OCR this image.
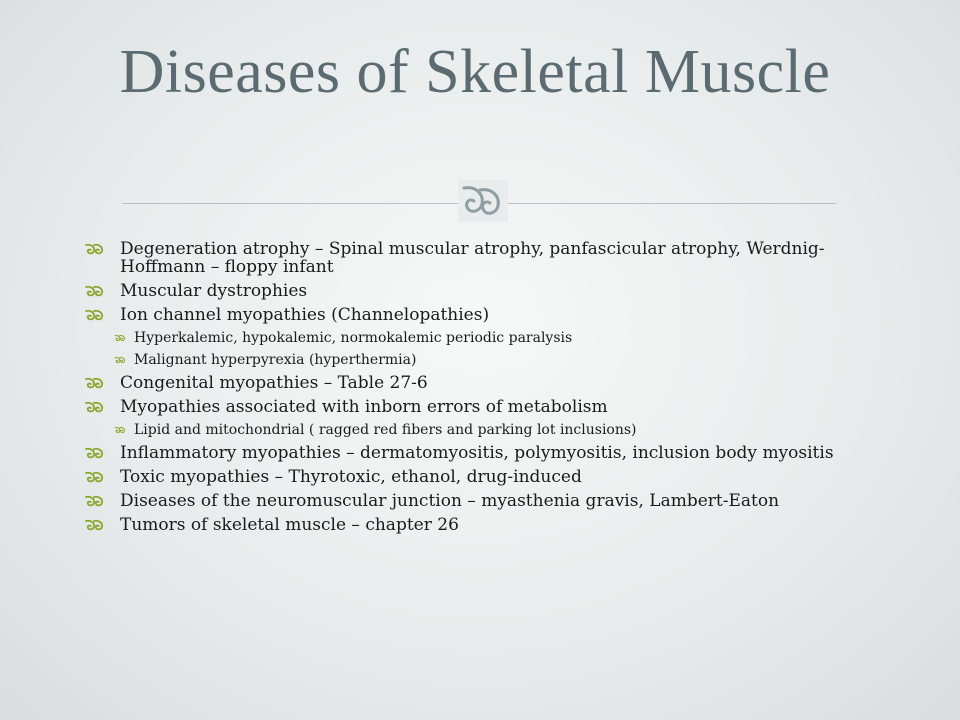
Diseases of Skeletal Muscle
Degeneration atrophy – Spinal muscular atrophy, panfascicular atrophy, Werdnig-Hoffmann – floppy infant
Muscular dystrophies
Ion channel myopathies (Channelopathies)
Hyperkalemic, hypokalemic, normokalemic periodic paralysis
Malignant hyperpyrexia (hyperthermia)
Congenital myopathies – Table 27-6
Myopathies associated with inborn errors of metabolism
Lipid and mitochondrial ( ragged red fibers and parking lot inclusions)
Inflammatory myopathies – dermatomyositis, polymyositis, inclusion body myositis
Toxic myopathies – Thyrotoxic, ethanol, drug-induced
Diseases of the neuromuscular junction – myasthenia gravis, Lambert-Eaton
Tumors of skeletal muscle – chapter 26
